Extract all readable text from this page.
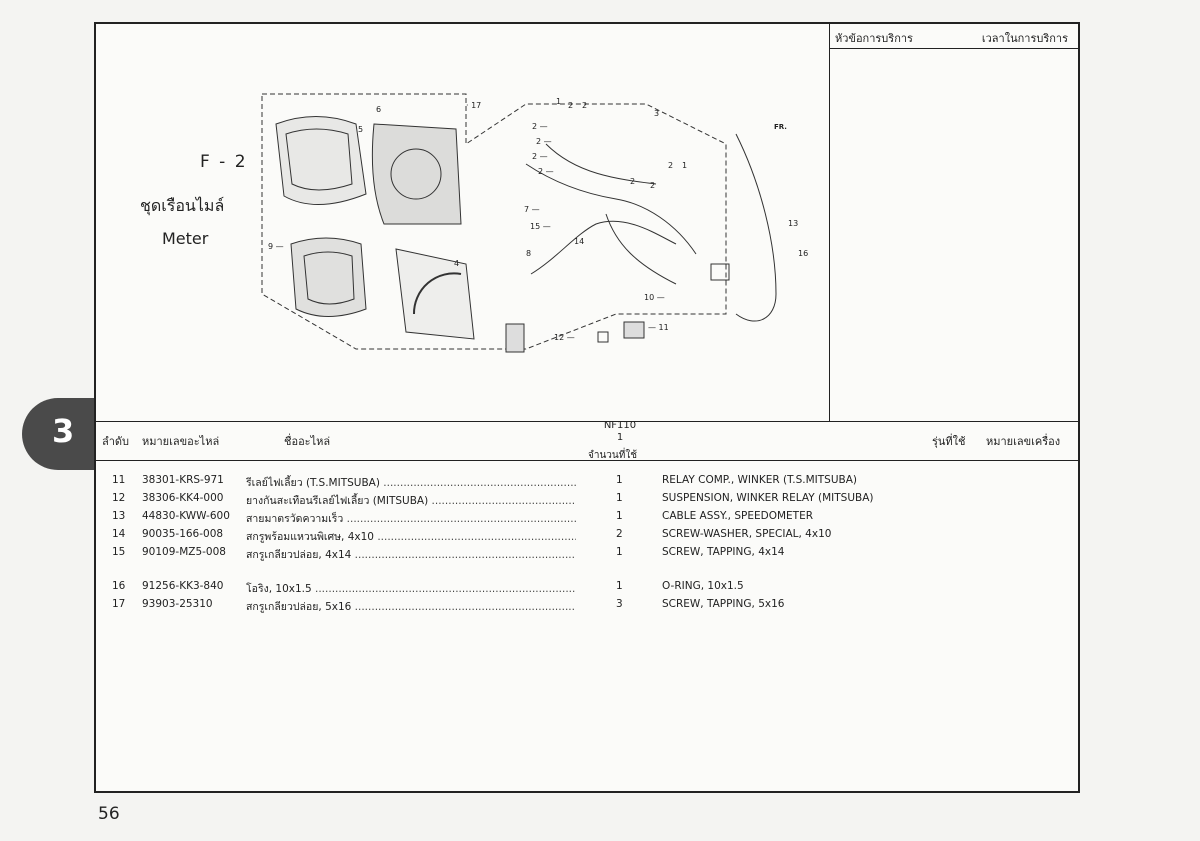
3
หัวข้อการบริการ	เวลาในการบริการ
F - 2
ชุดเรือนไมล์
Meter
6
5
· 17	1 2 2
3
2 —
2 —
2 —
2 —
2 1
2 2
7 —
15 —
14
9 —
4
8
10 —
12 —
— 11
13
16
FR.
ลำดับ หมายเลขอะไหล่	ชื่ออะไหล่
NF110
1
จำนวนที่ใช้
รุ่นที่ใช้ หมายเลขเครื่อง
11 38301-KRS-971 รีเลย์ไฟเลี้ยว (T.S.MITSUBA) .....	1	RELAY COMP., WINKER (T.S.MITSUBA)
12 38306-KK4-000 ยางกันสะเทือนรีเลย์ไฟเลี้ยว (MITSUBA) .....	1	SUSPENSION, WINKER RELAY (MITSUBA)
13 44830-KWW-600 สายมาตรวัดความเร็ว .....	1	CABLE ASSY., SPEEDOMETER
14 90035-166-008 สกรูพร้อมแหวนพิเศษ, 4x10 .....	2	SCREW-WASHER, SPECIAL, 4x10
15 90109-MZ5-008 สกรูเกลียวปล่อย, 4x14 .....	1	SCREW, TAPPING, 4x14
16 91256-KK3-840 โอริง, 10x1.5 .....	1	O-RING, 10x1.5
17 93903-25310	สกรูเกลียวปล่อย, 5x16 .....	3	SCREW, TAPPING, 5x16
56
